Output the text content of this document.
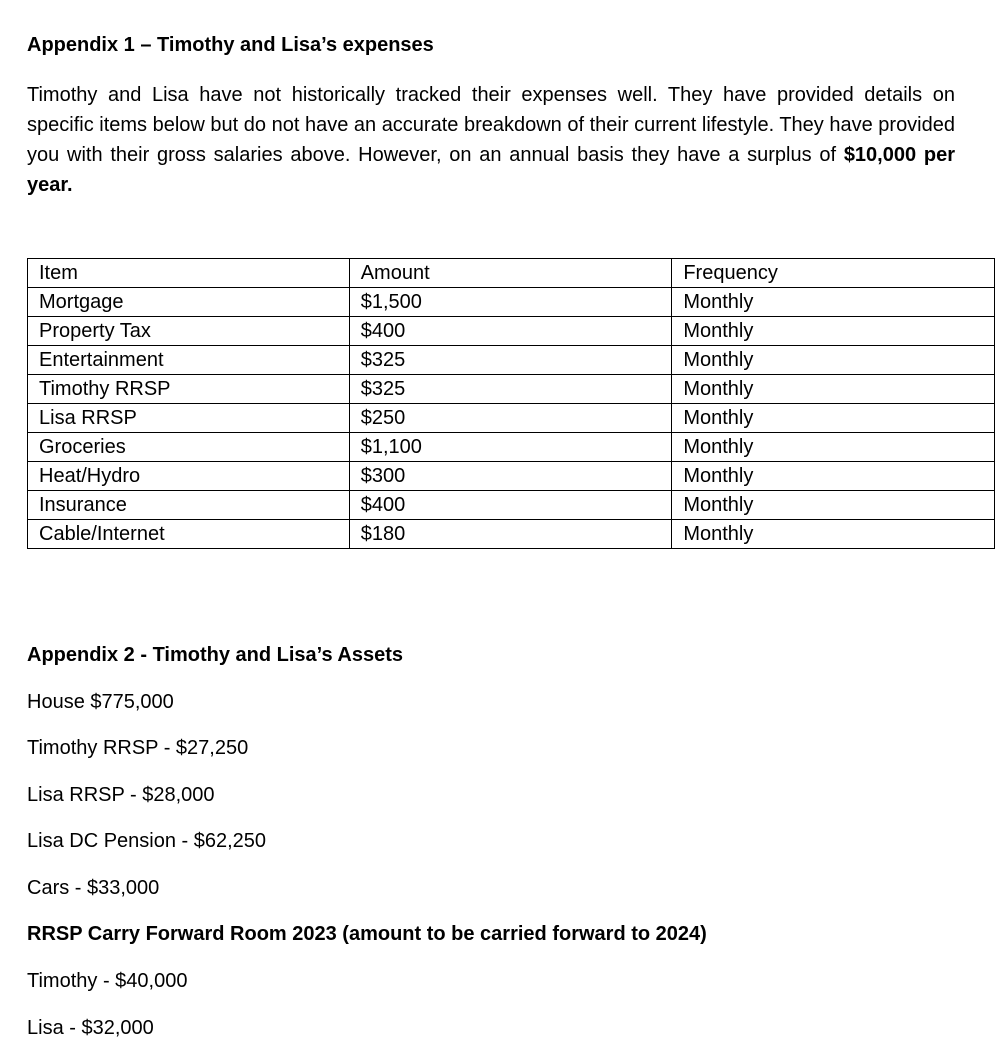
Appendix 1 – Timothy and Lisa’s expenses

Timothy and Lisa have not historically tracked their expenses well. They have provided details on specific items below but do not have an accurate breakdown of their current lifestyle. They have provided you with their gross salaries above. However, on an annual basis they have a surplus of $10,000 per year.

Item	Amount	Frequency
Mortgage	$1,500	Monthly
Property Tax	$400	Monthly
Entertainment	$325	Monthly
Timothy RRSP	$325	Monthly
Lisa RRSP	$250	Monthly
Groceries	$1,100	Monthly
Heat/Hydro	$300	Monthly
Insurance	$400	Monthly
Cable/Internet	$180	Monthly
Appendix 2 - Timothy and Lisa’s Assets
House $775,000
Timothy RRSP - $27,250
Lisa RRSP - $28,000
Lisa DC Pension - $62,250
Cars - $33,000
RRSP Carry Forward Room 2023 (amount to be carried forward to 2024)
Timothy - $40,000
Lisa - $32,000
